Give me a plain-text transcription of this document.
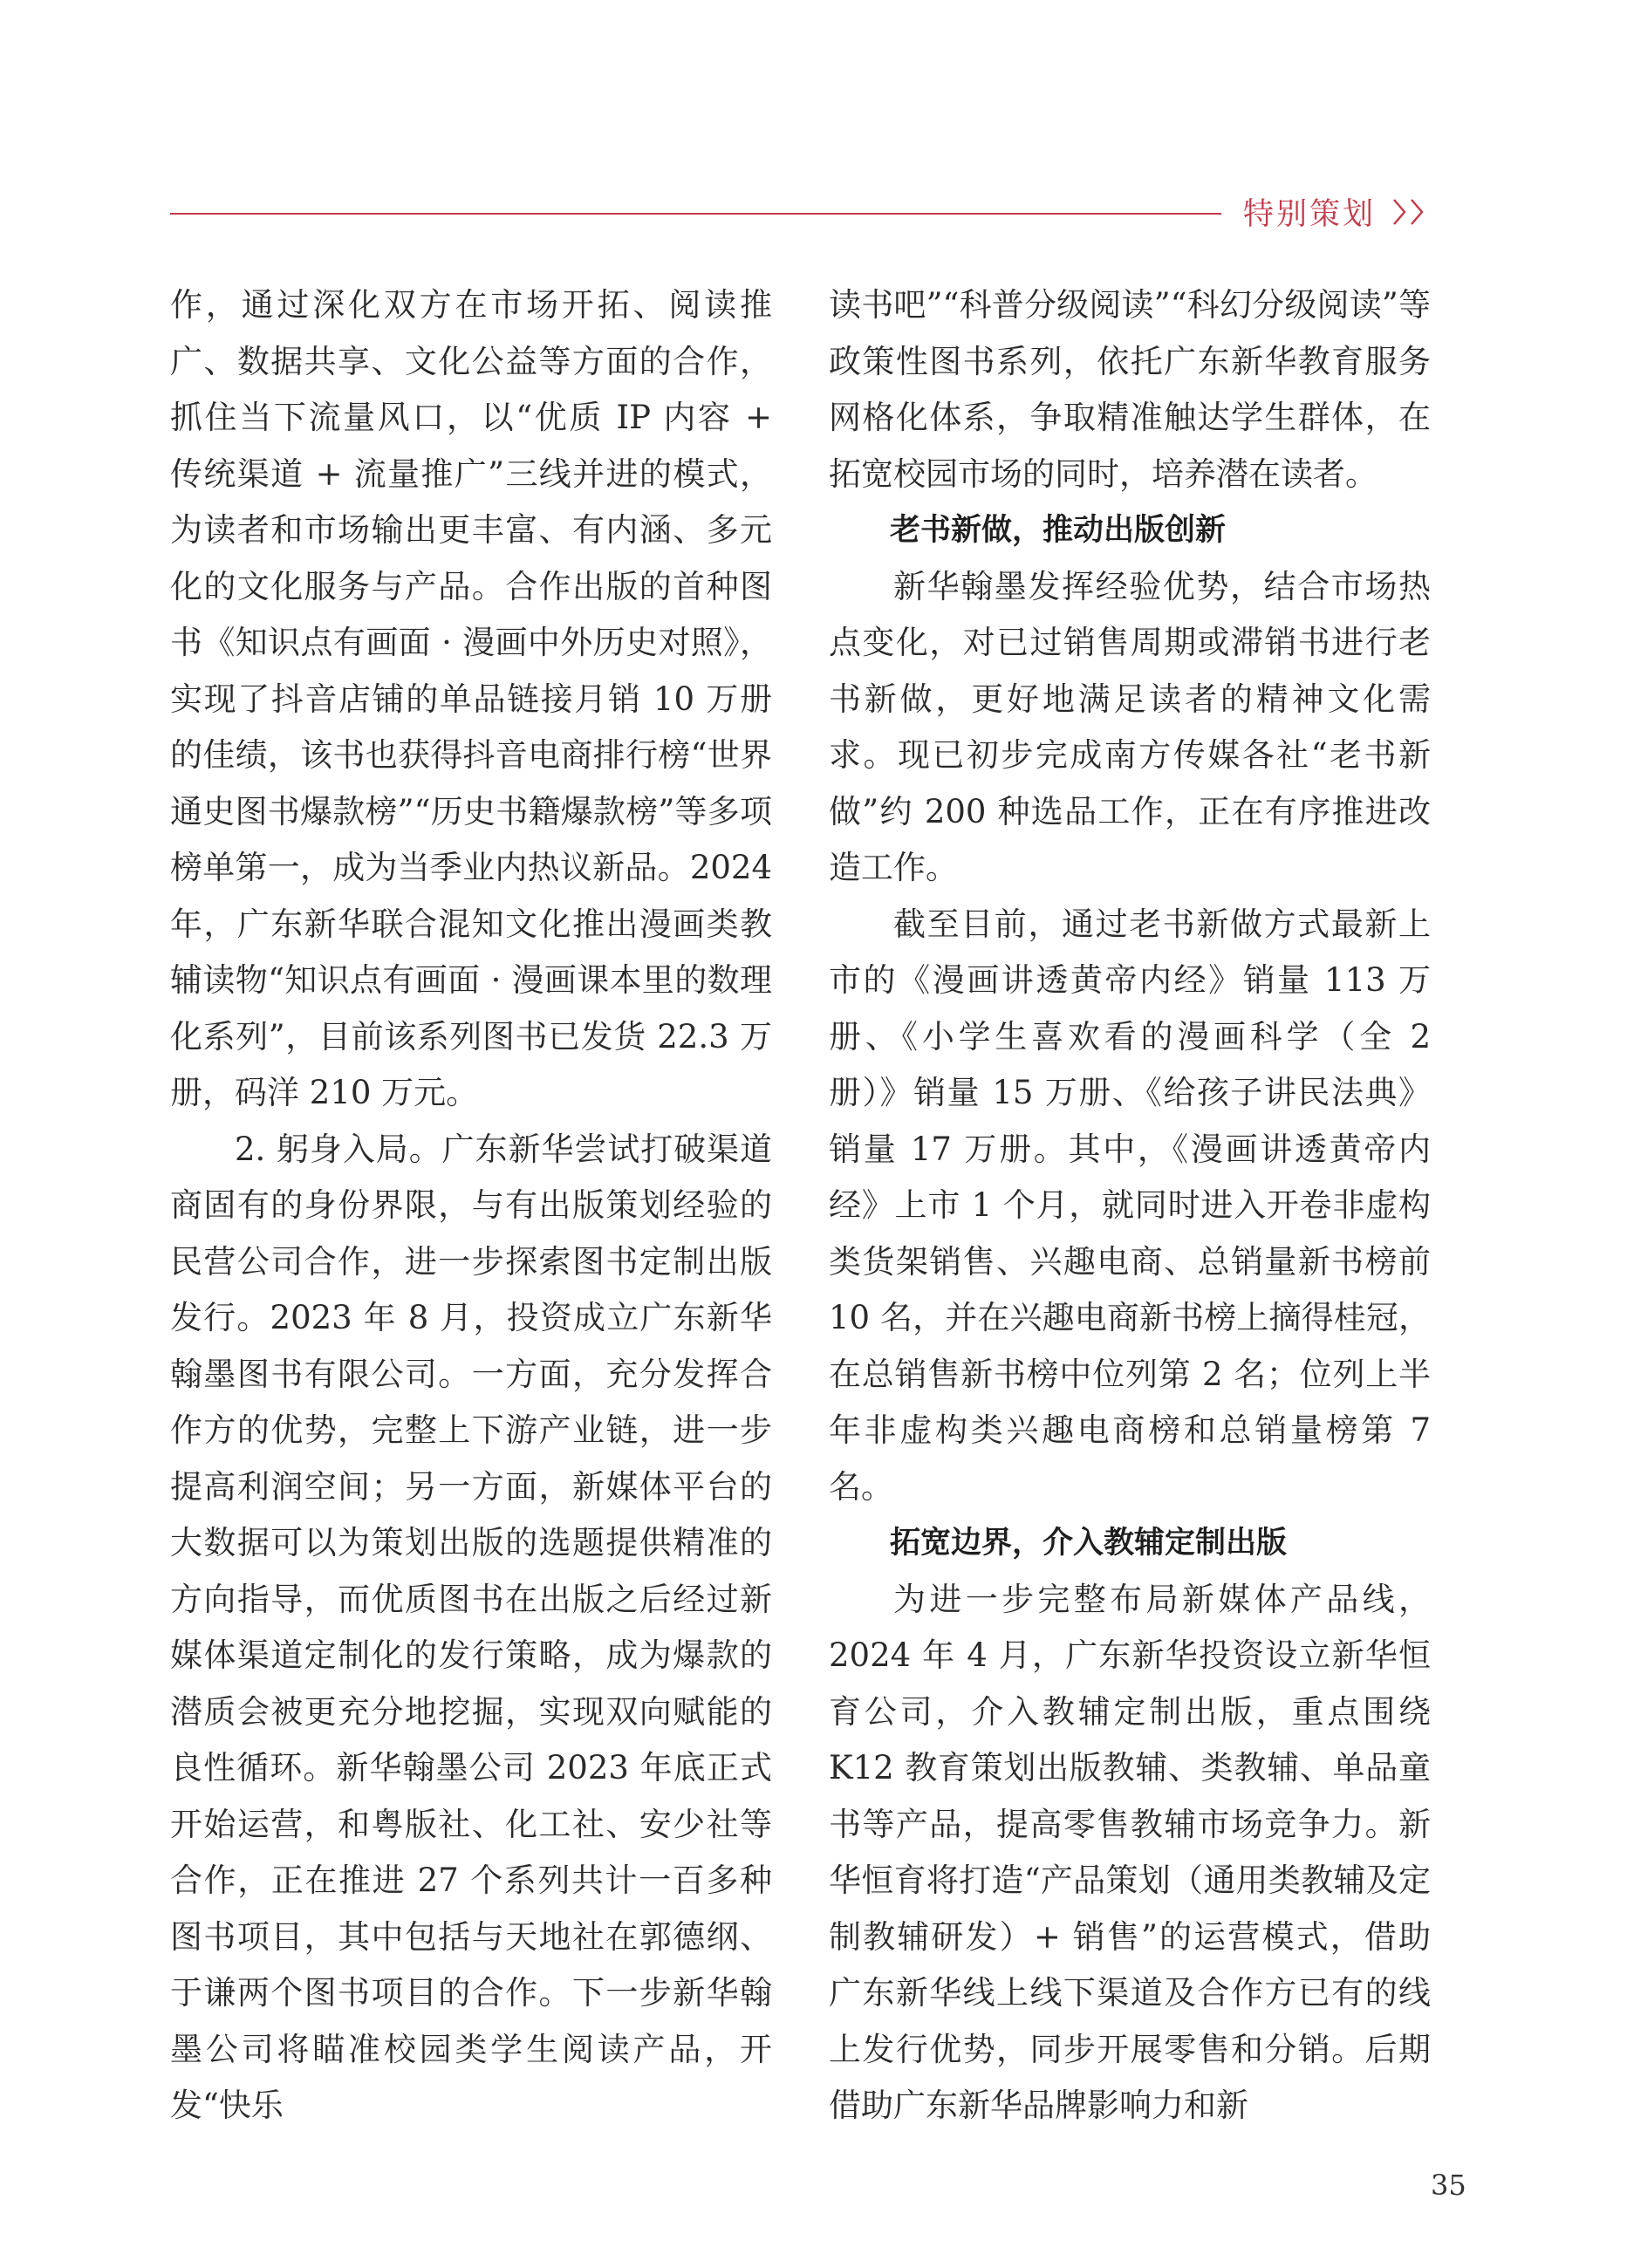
特别策划

作，通过深化双方在市场开拓、阅读推广、数据共享、文化公益等方面的合作，抓住当下流量风口，以“优质 IP 内容 + 传统渠道 + 流量推广”三线并进的模式，为读者和市场输出更丰富、有内涵、多元化的文化服务与产品。合作出版的首种图书《知识点有画面 · 漫画中外历史对照》，实现了抖音店铺的单品链接月销 10 万册的佳绩，该书也获得抖音电商排行榜“世界通史图书爆款榜”“历史书籍爆款榜”等多项榜单第一，成为当季业内热议新品。2024 年，广东新华联合混知文化推出漫画类教辅读物“知识点有画面 · 漫画课本里的数理化系列”，目前该系列图书已发货 22.3 万册，码洋 210 万元。

2. 躬身入局。广东新华尝试打破渠道商固有的身份界限，与有出版策划经验的民营公司合作，进一步探索图书定制出版发行。2023 年 8 月，投资成立广东新华翰墨图书有限公司。一方面，充分发挥合作方的优势，完整上下游产业链，进一步提高利润空间；另一方面，新媒体平台的大数据可以为策划出版的选题提供精准的方向指导，而优质图书在出版之后经过新媒体渠道定制化的发行策略，成为爆款的潜质会被更充分地挖掘，实现双向赋能的良性循环。新华翰墨公司 2023 年底正式开始运营，和粤版社、化工社、安少社等合作，正在推进 27 个系列共计一百多种图书项目，其中包括与天地社在郭德纲、于谦两个图书项目的合作。下一步新华翰墨公司将瞄准校园类学生阅读产品，开发“快乐

读书吧”“科普分级阅读”“科幻分级阅读”等政策性图书系列，依托广东新华教育服务网格化体系，争取精准触达学生群体，在拓宽校园市场的同时，培养潜在读者。

老书新做，推动出版创新

新华翰墨发挥经验优势，结合市场热点变化，对已过销售周期或滞销书进行老书新做，更好地满足读者的精神文化需求。现已初步完成南方传媒各社“老书新做”约 200 种选品工作，正在有序推进改造工作。

截至目前，通过老书新做方式最新上市的《漫画讲透黄帝内经》销量 113 万册、《小学生喜欢看的漫画科学（全 2 册）》销量 15 万册、《给孩子讲民法典》销量 17 万册。其中，《漫画讲透黄帝内经》上市 1 个月，就同时进入开卷非虚构类货架销售、兴趣电商、总销量新书榜前 10 名，并在兴趣电商新书榜上摘得桂冠，在总销售新书榜中位列第 2 名；位列上半年非虚构类兴趣电商榜和总销量榜第 7 名。

拓宽边界，介入教辅定制出版

为进一步完整布局新媒体产品线，2024 年 4 月，广东新华投资设立新华恒育公司，介入教辅定制出版，重点围绕 K12 教育策划出版教辅、类教辅、单品童书等产品，提高零售教辅市场竞争力。新华恒育将打造“产品策划（通用类教辅及定制教辅研发）+ 销售”的运营模式，借助广东新华线上线下渠道及合作方已有的线上发行优势，同步开展零售和分销。后期借助广东新华品牌影响力和新

35
